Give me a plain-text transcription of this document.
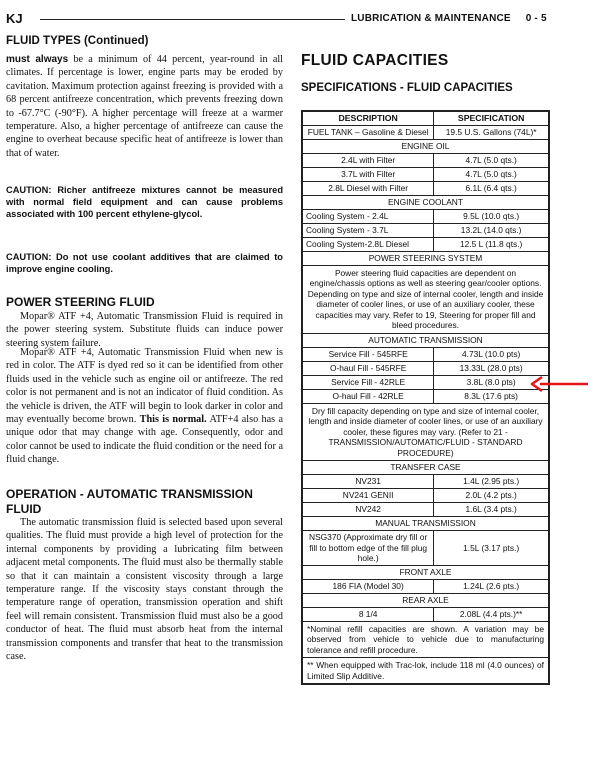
KJ	LUBRICATION & MAINTENANCE     0 - 5
FLUID TYPES (Continued)

must always be a minimum of 44 percent, year-round in all climates. If percentage is lower, engine parts may be eroded by cavitation. Maximum protection against freezing is provided with a 68 percent antifreeze concentration, which prevents freezing down to -67.7°C (-90°F). A higher percentage will freeze at a warmer temperature. Also, a higher percentage of antifreeze can cause the engine to overheat because specific heat of antifreeze is lower than that of water.

CAUTION: Richer antifreeze mixtures cannot be measured with normal field equipment and can cause problems associated with 100 percent ethylene-glycol.

CAUTION: Do not use coolant additives that are claimed to improve engine cooling.

POWER STEERING FLUID

Mopar® ATF +4, Automatic Transmission Fluid is required in the power steering system. Substitute fluids can induce power steering system failure.

Mopar® ATF +4, Automatic Transmission Fluid when new is red in color. The ATF is dyed red so it can be identified from other fluids used in the vehicle such as engine oil or antifreeze. The red color is not permanent and is not an indicator of fluid condition. As the vehicle is driven, the ATF will begin to look darker in color and may eventually become brown. This is normal. ATF+4 also has a unique odor that may change with age. Consequently, odor and color cannot be used to indicate the fluid condition or the need for a fluid change.

OPERATION - AUTOMATIC TRANSMISSION FLUID

The automatic transmission fluid is selected based upon several qualities. The fluid must provide a high level of protection for the internal components by providing a lubricating film between adjacent metal components. The fluid must also be thermally stable so that it can maintain a consistent viscosity through a large temperature range. If the viscosity stays constant through the temperature range of operation, transmission operation and shift feel will remain consistent. Transmission fluid must also be a good conductor of heat. The fluid must absorb heat from the internal transmission components and transfer that heat to the transmission case.

FLUID CAPACITIES
SPECIFICATIONS - FLUID CAPACITIES
DESCRIPTION	SPECIFICATION
FUEL TANK – Gasoline & Diesel	19.5 U.S. Gallons (74L)*
ENGINE OIL	
2.4L with Filter	4.7L (5.0 qts.)
3.7L with Filter	4.7L (5.0 qts.)
2.8L Diesel with Filter	6.1L (6.4 qts.)
ENGINE COOLANT	
Cooling System - 2.4L	9.5L (10.0 qts.)
Cooling System - 3.7L	13.2L (14.0 qts.)
Cooling System-2.8L Diesel	12.5 L (11.8 qts.)
POWER STEERING SYSTEM	
Power steering fluid capacities are dependent on engine/chassis options as well as steering gear/cooler options. Depending on type and size of internal cooler, length and inside diameter of cooler lines, or use of an auxiliary cooler, these capacities may vary. Refer to 19, Steering for proper fill and bleed procedures.	
AUTOMATIC TRANSMISSION	
Service Fill - 545RFE	4.73L (10.0 pts)
O-haul Fill - 545RFE	13.33L (28.0 pts)
Service Fill - 42RLE	3.8L (8.0 pts)
O-haul Fill - 42RLE	8.3L (17.6 pts)
Dry fill capacity depending on type and size of internal cooler, length and inside diameter of cooler lines, or use of an auxiliary cooler, these figures may vary. (Refer to 21 - TRANSMISSION/AUTOMATIC/FLUID - STANDARD PROCEDURE)	
TRANSFER CASE	
NV231	1.4L (2.95 pts.)
NV241 GENII	2.0L (4.2 pts.)
NV242	1.6L (3.4 pts.)
MANUAL TRANSMISSION	
NSG370 (Approximate dry fill or fill to bottom edge of the fill plug hole.)	1.5L (3.17 pts.)
FRONT AXLE	
186 FIA (Model 30)	1.24L (2.6 pts.)
REAR AXLE	
8 1/4	2.08L (4.4 pts.)**
*Nominal refill capacities are shown. A variation may be observed from vehicle to vehicle due to manufacturing tolerance and refill procedure.	
** When equipped with Trac-lok, include 118 ml (4.0 ounces) of Limited Slip Additive.	
